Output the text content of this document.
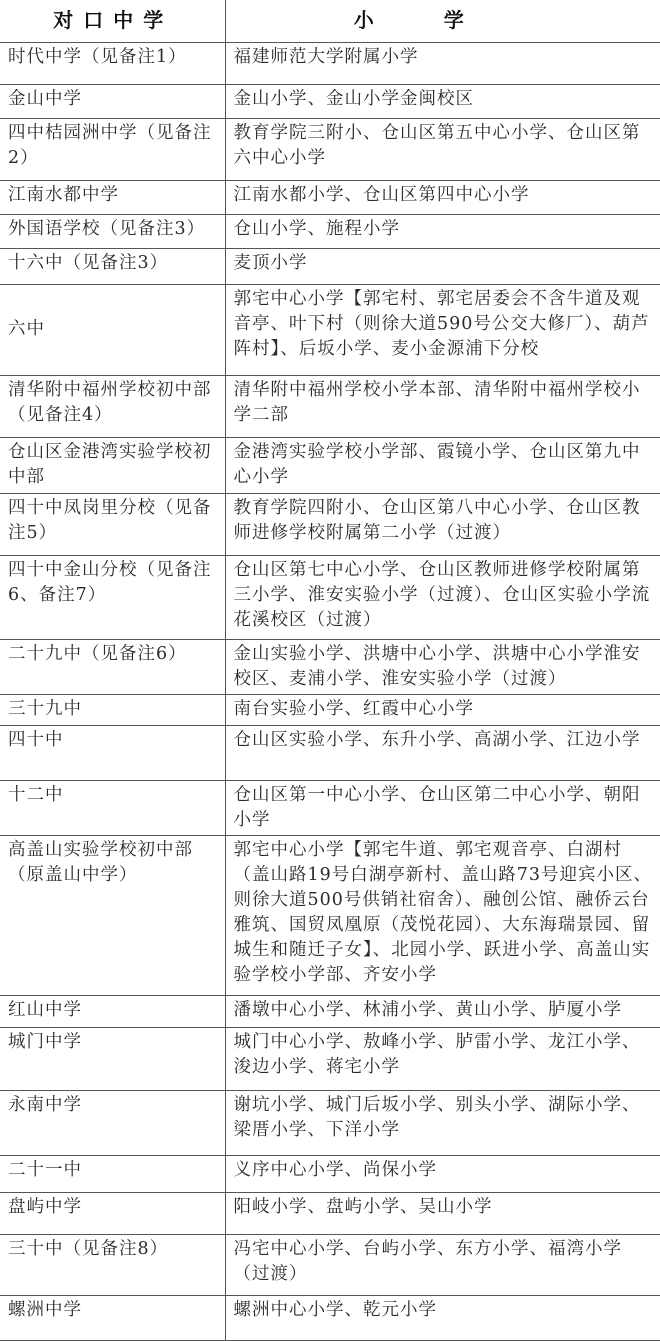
对口中学	小学
时代中学（见备注1）	福建师范大学附属小学
金山中学	金山小学、金山小学金闽校区
四中桔园洲中学（见备注2）	教育学院三附小、仓山区第五中心小学、仓山区第六中心小学
江南水都中学	江南水都小学、仓山区第四中心小学
外国语学校（见备注3）	仓山小学、施程小学
十六中（见备注3）	麦顶小学
六中	郭宅中心小学【郭宅村、郭宅居委会不含牛道及观音亭、叶下村（则徐大道590号公交大修厂）、葫芦阵村】、后坂小学、麦小金源浦下分校
清华附中福州学校初中部（见备注4）	清华附中福州学校小学本部、清华附中福州学校小学二部
仓山区金港湾实验学校初中部	金港湾实验学校小学部、霞镜小学、仓山区第九中心小学
四十中凤岗里分校（见备注5）	教育学院四附小、仓山区第八中心小学、仓山区教师进修学校附属第二小学（过渡）
四十中金山分校（见备注6、备注7）	仓山区第七中心小学、仓山区教师进修学校附属第三小学、淮安实验小学（过渡）、仓山区实验小学流花溪校区（过渡）
二十九中（见备注6）	金山实验小学、洪塘中心小学、洪塘中心小学淮安校区、麦浦小学、淮安实验小学（过渡）
三十九中	南台实验小学、红霞中心小学
四十中	仓山区实验小学、东升小学、高湖小学、江边小学
十二中	仓山区第一中心小学、仓山区第二中心小学、朝阳小学
高盖山实验学校初中部（原盖山中学）	郭宅中心小学【郭宅牛道、郭宅观音亭、白湖村（盖山路19号白湖亭新村、盖山路73号迎宾小区、则徐大道500号供销社宿舍）、融创公馆、融侨云台雅筑、国贸凤凰原（茂悦花园）、大东海瑞景园、留城生和随迁子女】、北园小学、跃进小学、高盖山实验学校小学部、齐安小学
红山中学	潘墩中心小学、林浦小学、黄山小学、胪厦小学
城门中学	城门中心小学、敖峰小学、胪雷小学、龙江小学、浚边小学、蒋宅小学
永南中学	谢坑小学、城门后坂小学、别头小学、湖际小学、梁厝小学、下洋小学
二十一中	义序中心小学、尚保小学
盘屿中学	阳岐小学、盘屿小学、吴山小学
三十中（见备注8）	冯宅中心小学、台屿小学、东方小学、福湾小学（过渡）
螺洲中学	螺洲中心小学、乾元小学
